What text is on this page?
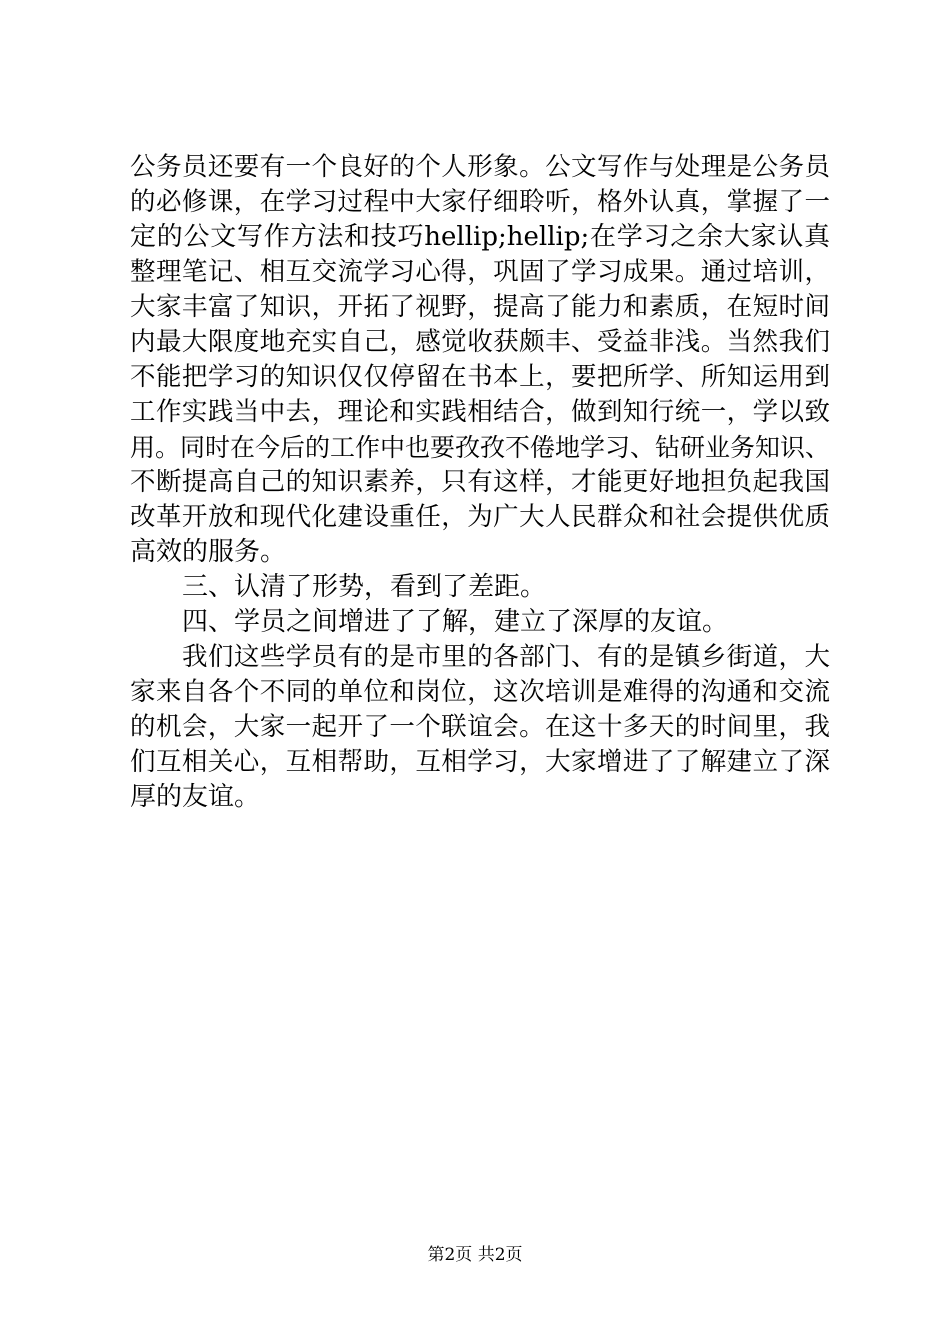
公务员还要有一个良好的个人形象。公文写作与处理是公务员
的必修课，在学习过程中大家仔细聆听，格外认真，掌握了一
定的公文写作方法和技巧hellip;hellip;在学习之余大家认真
整理笔记、相互交流学习心得，巩固了学习成果。通过培训，
大家丰富了知识，开拓了视野，提高了能力和素质，在短时间
内最大限度地充实自己，感觉收获颇丰、受益非浅。当然我们
不能把学习的知识仅仅停留在书本上，要把所学、所知运用到
工作实践当中去，理论和实践相结合，做到知行统一，学以致
用。同时在今后的工作中也要孜孜不倦地学习、钻研业务知识、
不断提高自己的知识素养，只有这样，才能更好地担负起我国
改革开放和现代化建设重任，为广大人民群众和社会提供优质
高效的服务。
三、认清了形势，看到了差距。
四、学员之间增进了了解，建立了深厚的友谊。
我们这些学员有的是市里的各部门、有的是镇乡街道，大
家来自各个不同的单位和岗位，这次培训是难得的沟通和交流
的机会，大家一起开了一个联谊会。在这十多天的时间里，我
们互相关心，互相帮助，互相学习，大家增进了了解建立了深
厚的友谊。
第2页 共2页
